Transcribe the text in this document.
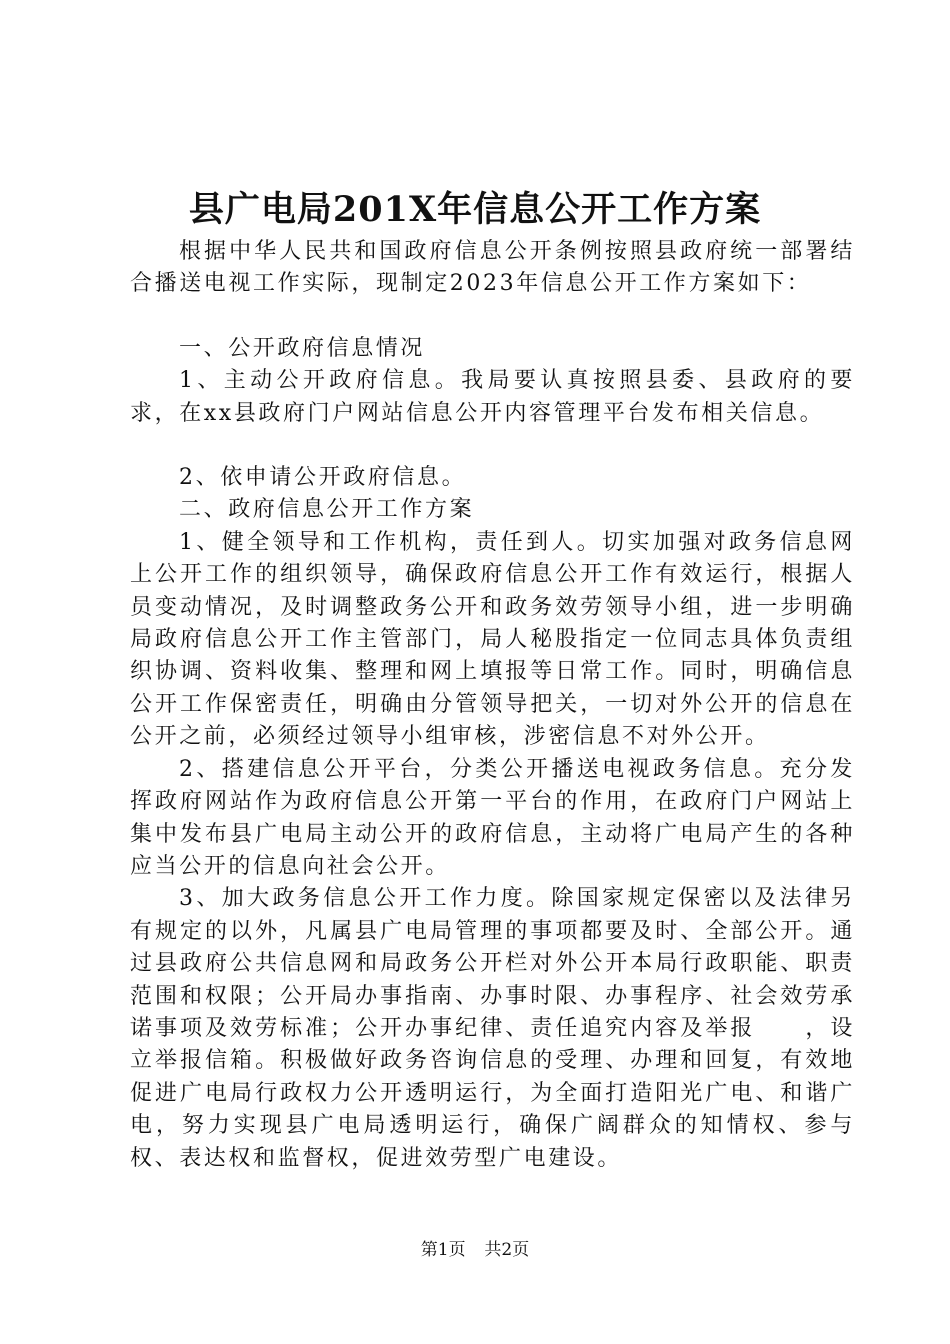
县广电局201X年信息公开工作方案

根据中华人民共和国政府信息公开条例按照县政府统一部署结合播送电视工作实际，现制定2023年信息公开工作方案如下：

一、公开政府信息情况

1、主动公开政府信息。我局要认真按照县委、县政府的要求，在xx县政府门户网站信息公开内容管理平台发布相关信息。

2、依申请公开政府信息。

二、政府信息公开工作方案

1、健全领导和工作机构，责任到人。切实加强对政务信息网上公开工作的组织领导，确保政府信息公开工作有效运行，根据人员变动情况，及时调整政务公开和政务效劳领导小组，进一步明确局政府信息公开工作主管部门，局人秘股指定一位同志具体负责组织协调、资料收集、整理和网上填报等日常工作。同时，明确信息公开工作保密责任，明确由分管领导把关，一切对外公开的信息在公开之前，必须经过领导小组审核，涉密信息不对外公开。

2、搭建信息公开平台，分类公开播送电视政务信息。充分发挥政府网站作为政府信息公开第一平台的作用，在政府门户网站上集中发布县广电局主动公开的政府信息，主动将广电局产生的各种应当公开的信息向社会公开。

3、加大政务信息公开工作力度。除国家规定保密以及法律另有规定的以外，凡属县广电局管理的事项都要及时、全部公开。通过县政府公共信息网和局政务公开栏对外公开本局行政职能、职责范围和权限；公开局办事指南、办事时限、办事程序、社会效劳承诺事项及效劳标准；公开办事纪律、责任追究内容及举报　　，设立举报信箱。积极做好政务咨询信息的受理、办理和回复，有效地促进广电局行政权力公开透明运行，为全面打造阳光广电、和谐广电，努力实现县广电局透明运行，确保广阔群众的知情权、参与权、表达权和监督权，促进效劳型广电建设。

第1页 共2页
